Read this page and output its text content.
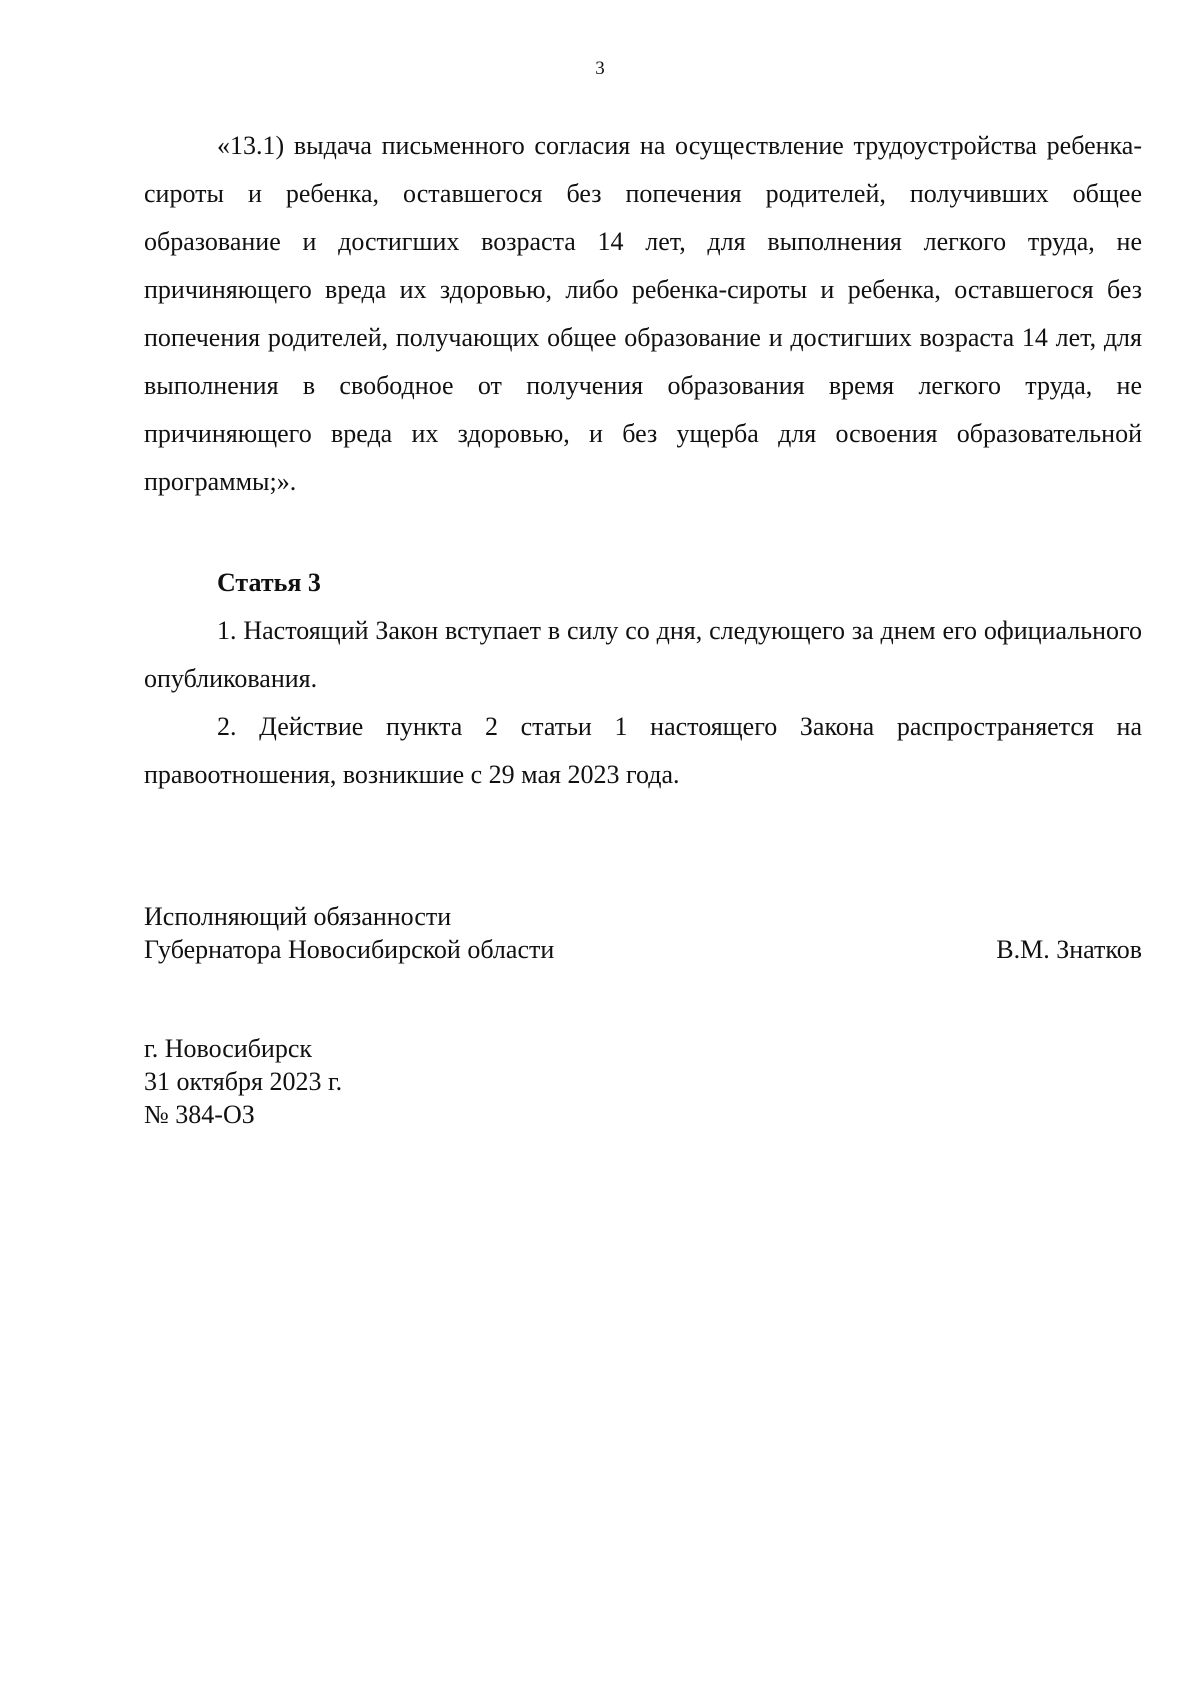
3

«13.1) выдача письменного согласия на осуществление трудоустройства ребенка-сироты и ребенка, оставшегося без попечения родителей, получивших общее образование и достигших возраста 14 лет, для выполнения легкого труда, не причиняющего вреда их здоровью, либо ребенка-сироты и ребенка, оставшегося без попечения родителей, получающих общее образование и достигших возраста 14 лет, для выполнения в свободное от получения образования время легкого труда, не причиняющего вреда их здоровью, и без ущерба для освоения образовательной программы;».

Статья 3

1. Настоящий Закон вступает в силу со дня, следующего за днем его официального опубликования.

2. Действие пункта 2 статьи 1 настоящего Закона распространяется на правоотношения, возникшие с 29 мая 2023 года.

Исполняющий обязанности
Губернатора Новосибирской области	В.М. Знатков
г. Новосибирск
31 октября 2023 г.
№ 384-ОЗ
